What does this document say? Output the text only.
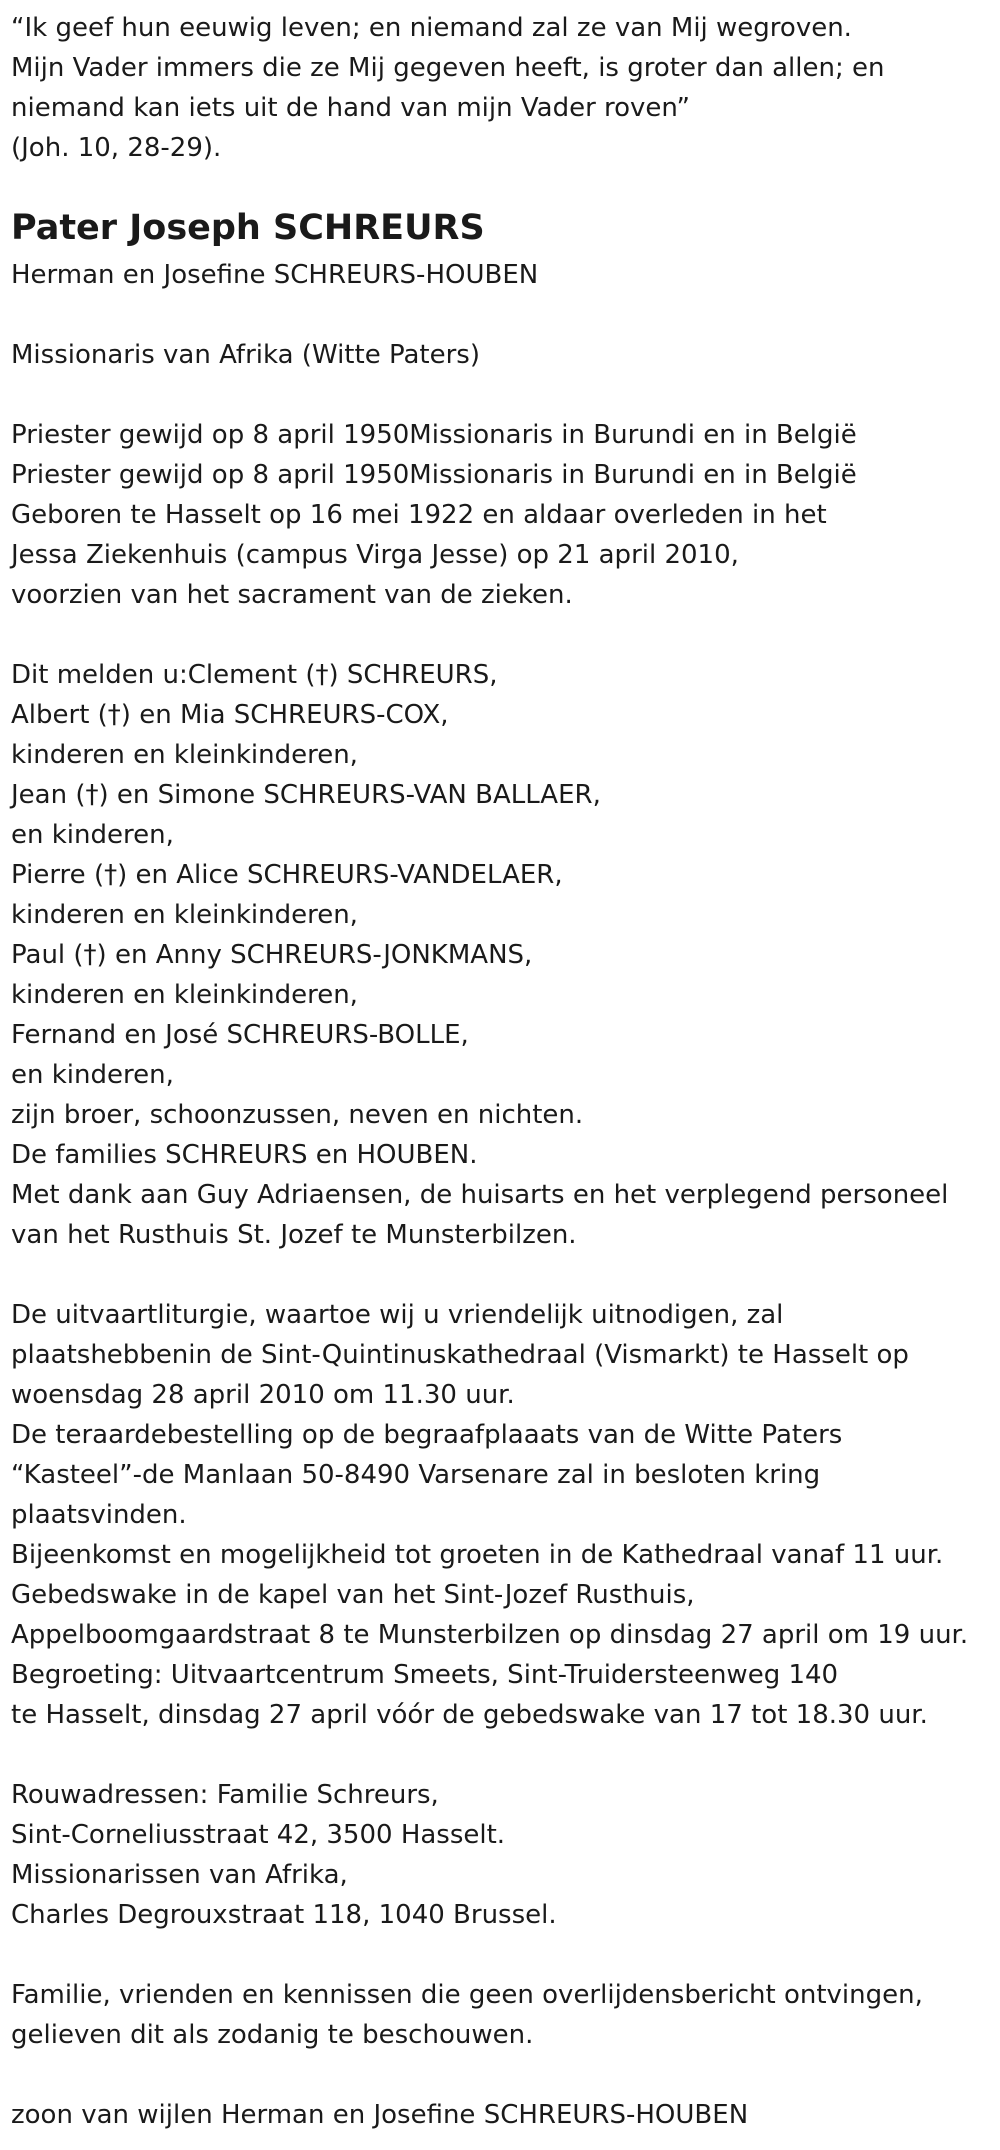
“Ik geef hun eeuwig leven; en niemand zal ze van Mij wegroven.

Mijn Vader immers die ze Mij gegeven heeft, is groter dan allen; en

niemand kan iets uit de hand van mijn Vader roven”

(Joh. 10, 28-29).

Pater Joseph SCHREURS

Herman en Josefine SCHREURS-HOUBEN

Missionaris van Afrika (Witte Paters)

Priester gewijd op 8 april 1950Missionaris in Burundi en in België

Priester gewijd op 8 april 1950Missionaris in Burundi en in België

Geboren te Hasselt op 16 mei 1922 en aldaar overleden in het

Jessa Ziekenhuis (campus Virga Jesse) op 21 april 2010,

voorzien van het sacrament van de zieken.

Dit melden u:Clement (†) SCHREURS,

Albert (†) en Mia SCHREURS-COX,

kinderen en kleinkinderen,

Jean (†) en Simone SCHREURS-VAN BALLAER,

en kinderen,

Pierre (†) en Alice SCHREURS-VANDELAER,

kinderen en kleinkinderen,

Paul (†) en Anny SCHREURS-JONKMANS,

kinderen en kleinkinderen,

Fernand en José SCHREURS-BOLLE,

en kinderen,

zijn broer, schoonzussen, neven en nichten.

De families SCHREURS en HOUBEN.

Met dank aan Guy Adriaensen, de huisarts en het verplegend personeel

van het Rusthuis St. Jozef te Munsterbilzen.

De uitvaartliturgie, waartoe wij u vriendelijk uitnodigen, zal

plaatshebbenin de Sint-Quintinuskathedraal (Vismarkt) te Hasselt op

woensdag 28 april 2010 om 11.30 uur.

De teraardebestelling op de begraafplaaats van de Witte Paters

“Kasteel”-de Manlaan 50-8490 Varsenare zal in besloten kring

plaatsvinden.

Bijeenkomst en mogelijkheid tot groeten in de Kathedraal vanaf 11 uur.

Gebedswake in de kapel van het Sint-Jozef Rusthuis,

Appelboomgaardstraat 8 te Munsterbilzen op dinsdag 27 april om 19 uur.

Begroeting: Uitvaartcentrum Smeets, Sint-Truidersteenweg 140

te Hasselt, dinsdag 27 april vóór de gebedswake van 17 tot 18.30 uur.

Rouwadressen: Familie Schreurs,

Sint-Corneliusstraat 42, 3500 Hasselt.

Missionarissen van Afrika,

Charles Degrouxstraat 118, 1040 Brussel.

Familie, vrienden en kennissen die geen overlijdensbericht ontvingen,

gelieven dit als zodanig te beschouwen.

zoon van wijlen Herman en Josefine SCHREURS-HOUBEN
